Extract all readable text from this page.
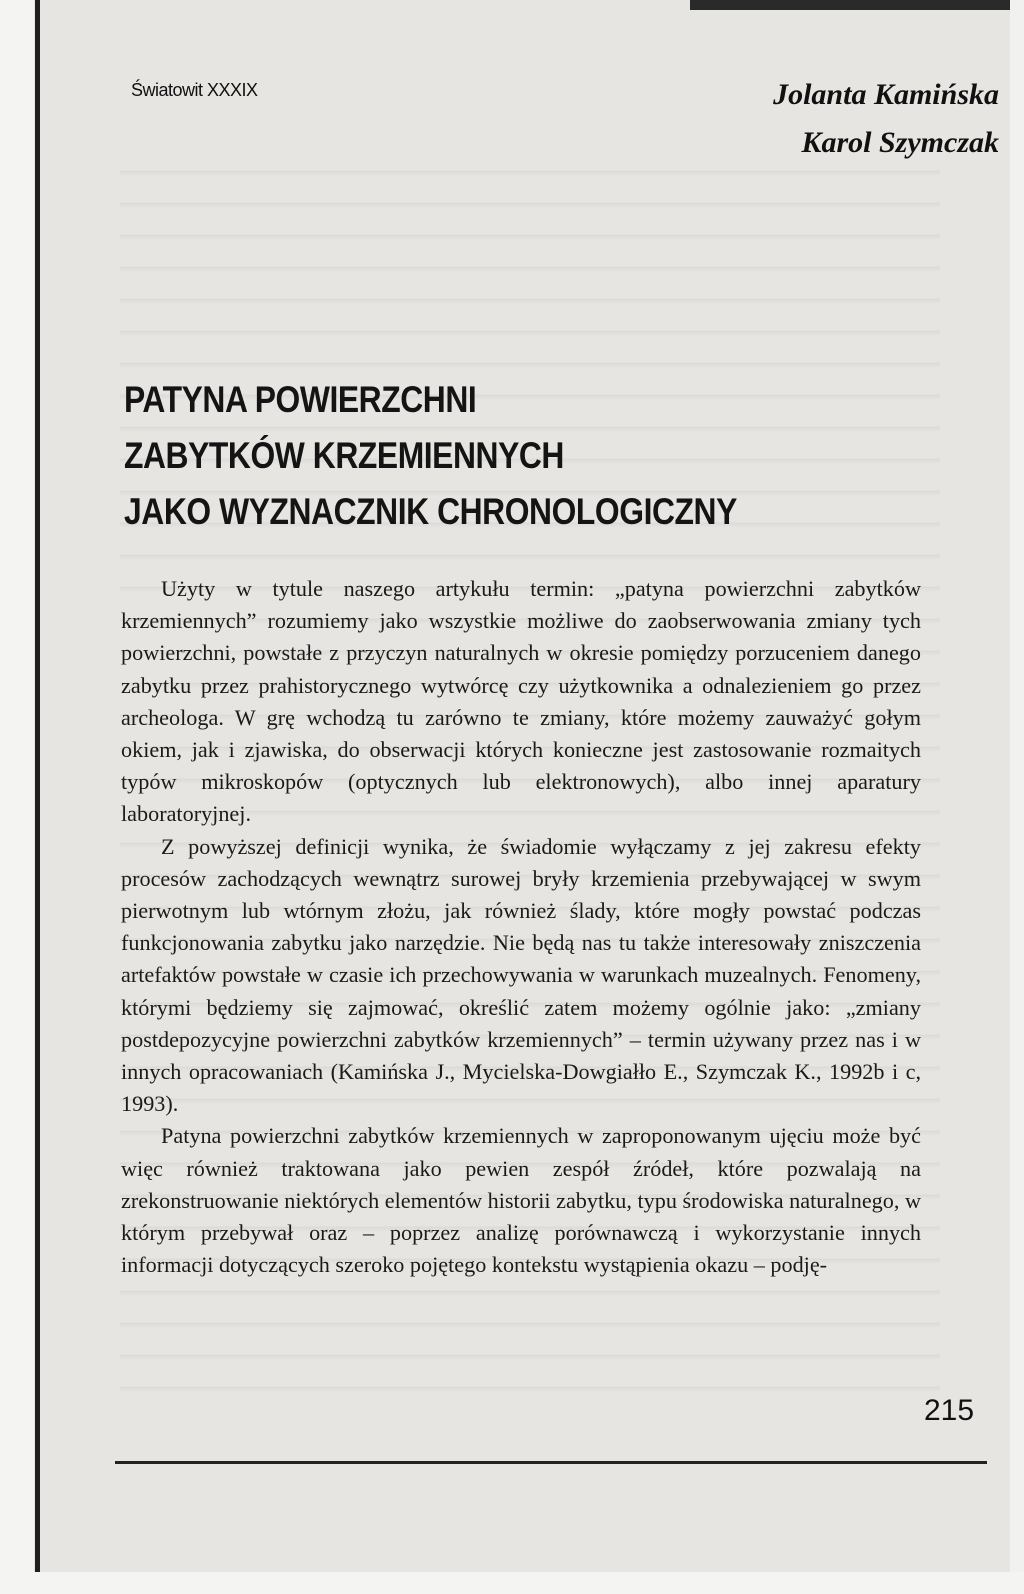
Światowit XXXIX	Jolanta Kamińska
Karol Szymczak
PATYNA POWIERZCHNI
ZABYTKÓW KRZEMIENNYCH
JAKO WYZNACZNIK CHRONOLOGICZNY

Użyty w tytule naszego artykułu termin: „patyna powierzchni zabytków krzemiennych” rozumiemy jako wszystkie możliwe do zaobserwowania zmiany tych powierzchni, powstałe z przyczyn naturalnych w okresie pomiędzy porzuceniem danego zabytku przez prahistorycznego wytwórcę czy użytkownika a odnalezieniem go przez archeologa. W grę wchodzą tu zarówno te zmiany, które możemy zauważyć gołym okiem, jak i zjawiska, do obserwacji których konieczne jest zastosowanie rozmaitych typów mikroskopów (optycznych lub elektronowych), albo innej aparatury laboratoryjnej.

Z powyższej definicji wynika, że świadomie wyłączamy z jej zakresu efekty procesów zachodzących wewnątrz surowej bryły krzemienia przebywającej w swym pierwotnym lub wtórnym złożu, jak również ślady, które mogły powstać podczas funkcjonowania zabytku jako narzędzie. Nie będą nas tu także interesowały zniszczenia artefaktów powstałe w czasie ich przechowywania w warunkach muzealnych. Fenomeny, którymi będziemy się zajmować, określić zatem możemy ogólnie jako: „zmiany postdepozycyjne powierzchni zabytków krzemiennych” – termin używany przez nas i w innych opracowaniach (Kamińska J., Mycielska-Dowgiałło E., Szymczak K., 1992b i c, 1993).

Patyna powierzchni zabytków krzemiennych w zaproponowanym ujęciu może być więc również traktowana jako pewien zespół źródeł, które pozwalają na zrekonstruowanie niektórych elementów historii zabytku, typu środowiska naturalnego, w którym przebywał oraz – poprzez analizę porównawczą i wykorzystanie innych informacji dotyczących szeroko pojętego kontekstu wystąpienia okazu – podję-

215
